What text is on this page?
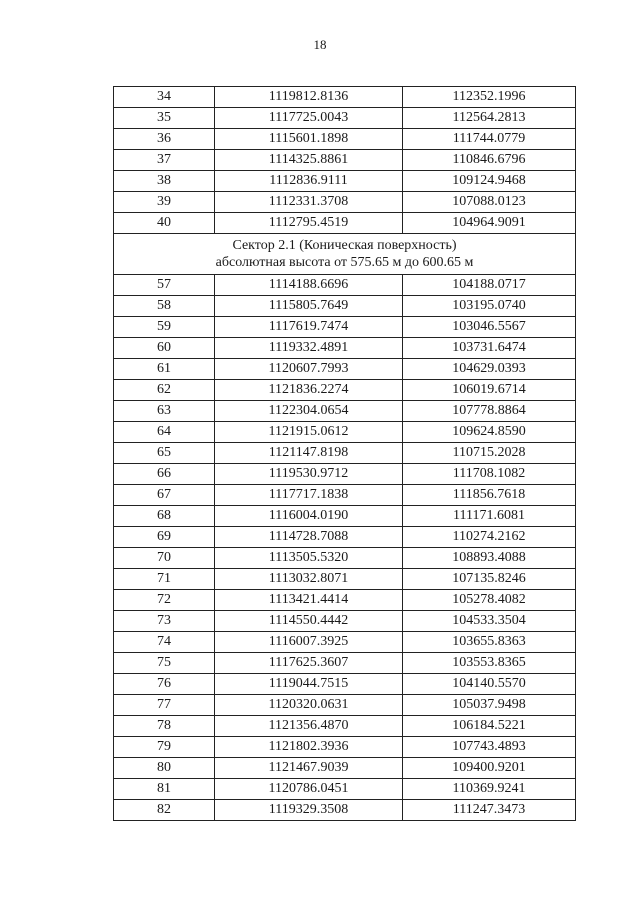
18
34	1119812.8136	112352.1996
35	1117725.0043	112564.2813
36	1115601.1898	111744.0779
37	1114325.8861	110846.6796
38	1112836.9111	109124.9468
39	1112331.3708	107088.0123
40	1112795.4519	104964.9091

Сектор 2.1 (Коническая поверхность)
абсолютная высота от 575.65 м до 600.65 м		

57	1114188.6696	104188.0717
58	1115805.7649	103195.0740
59	1117619.7474	103046.5567
60	1119332.4891	103731.6474
61	1120607.7993	104629.0393
62	1121836.2274	106019.6714
63	1122304.0654	107778.8864
64	1121915.0612	109624.8590
65	1121147.8198	110715.2028
66	1119530.9712	111708.1082
67	1117717.1838	111856.7618
68	1116004.0190	111171.6081
69	1114728.7088	110274.2162
70	1113505.5320	108893.4088
71	1113032.8071	107135.8246
72	1113421.4414	105278.4082
73	1114550.4442	104533.3504
74	1116007.3925	103655.8363
75	1117625.3607	103553.8365
76	1119044.7515	104140.5570
77	1120320.0631	105037.9498
78	1121356.4870	106184.5221
79	1121802.3936	107743.4893
80	1121467.9039	109400.9201
81	1120786.0451	110369.9241
82	1119329.3508	111247.3473
